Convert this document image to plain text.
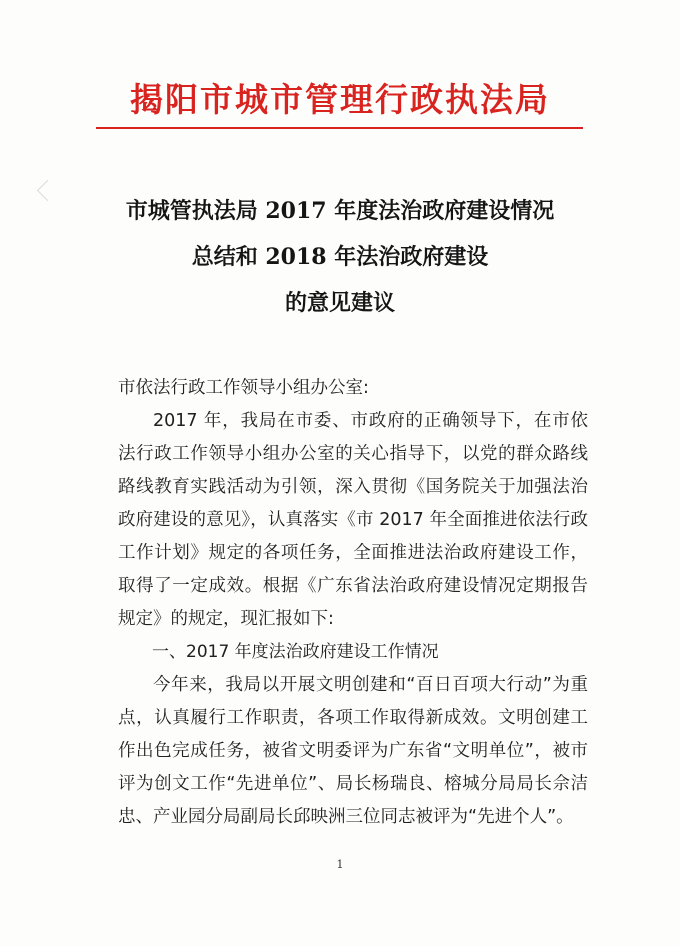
揭阳市城市管理行政执法局
市城管执法局 2017 年度法治政府建设情况
总结和 2018 年法治政府建设
的意见建议
市依法行政工作领导小组办公室:
2017 年，我局在市委、市政府的正确领导下，在市依法行政工作领导小组办公室的关心指导下，以党的群众路线路线教育实践活动为引领，深入贯彻《国务院关于加强法治政府建设的意见》，认真落实《市 2017 年全面推进依法行政工作计划》规定的各项任务，全面推进法治政府建设工作，取得了一定成效。根据《广东省法治政府建设情况定期报告规定》的规定，现汇报如下:
一、2017 年度法治政府建设工作情况
今年来，我局以开展文明创建和“百日百项大行动”为重点，认真履行工作职责，各项工作取得新成效。文明创建工作出色完成任务，被省文明委评为广东省“文明单位”，被市评为创文工作“先进单位”、局长杨瑞良、榕城分局局长佘洁忠、产业园分局副局长邱映洲三位同志被评为“先进个人”。
1
